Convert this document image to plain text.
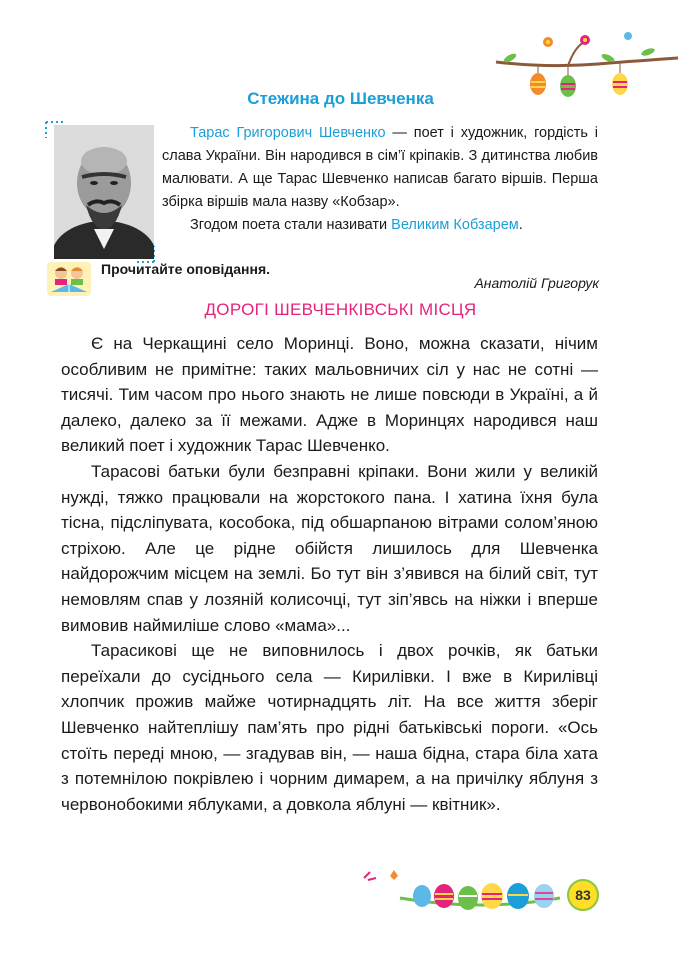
Стежина до Шевченка

Тарас Григорович Шевченко — поет і художник, гордість і слава України. Він народився в сім’ї кріпаків. З дитинства любив малювати. А ще Тарас Шевченко написав багато віршів. Перша збірка віршів мала назву «Кобзар».

Згодом поета стали називати Великим Кобзарем.

Прочитайте оповідання.
Анатолій Григорук
ДОРОГІ ШЕВЧЕНКІВСЬКІ МІСЦЯ

Є на Черкащині село Моринці. Воно, можна сказати, нічим особливим не примітне: таких мальовничих сіл у нас не сотні — тисячі. Тим часом про нього знають не лише повсюди в Україні, а й далеко, далеко за її межами. Адже в Моринцях народився наш великий поет і художник Тарас Шевченко.

Тарасові батьки були безправні кріпаки. Вони жили у великій нужді, тяжко працювали на жорстокого пана. І хатина їхня була тісна, підсліпувата, кособока, під обшарпаною вітрами солом’яною стріхою. Але це рідне обійстя лишилось для Шевченка найдорожчим місцем на землі. Бо тут він з’явився на білий світ, тут немовлям спав у лозяній колисочці, тут зіп’явсь на ніжки і вперше вимовив наймиліше слово «мама»...

Тарасикові ще не виповнилось і двох рочків, як батьки переїхали до сусіднього села — Кирилівки. І вже в Кирилівці хлопчик прожив майже чотирнадцять літ. На все життя зберіг Шевченко найтеплішу пам’ять про рідні батьківські пороги. «Ось стоїть переді мною, — згадував він, — наша бідна, стара біла хата з потемнілою покрівлею і чорним димарем, а на причілку яблуня з червонобокими яблуками, а довкола яблуні — квітник».

83
